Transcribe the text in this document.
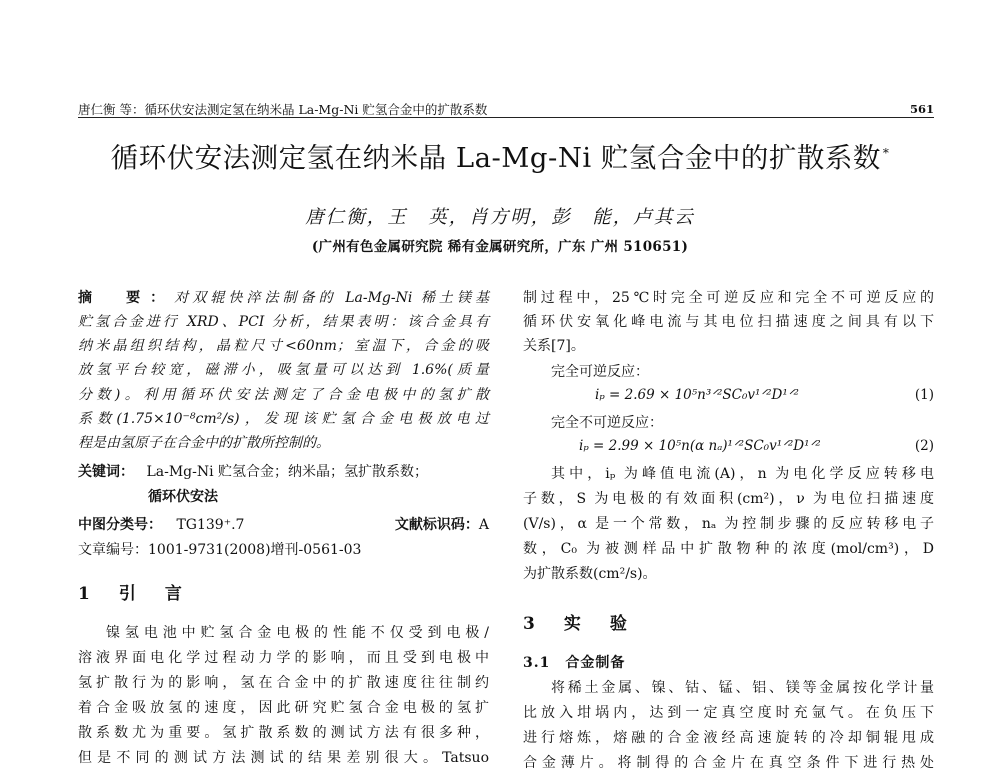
唐仁衡 等：循环伏安法测定氢在纳米晶 La-Mg-Ni 贮氢合金中的扩散系数	561
循环伏安法测定氢在纳米晶 La-Mg-Ni 贮氢合金中的扩散系数 *
唐仁衡，王　英，肖方明，彭　能，卢其云
(广州有色金属研究院 稀有金属研究所，广东 广州 510651)
摘　要：对双辊快淬法制备的 La-Mg-Ni 稀土镁基
贮氢合金进行 XRD、PCI 分析，结果表明：该合金具有
纳米晶组织结构，晶粒尺寸<60nm；室温下，合金的吸
放氢平台较宽，磁滞小，吸氢量可以达到 1.6%(质量
分数)。利用循环伏安法测定了合金电极中的氢扩散
系数(1.75×10⁻⁸cm²/s)，发现该贮氢合金电极放电过
程是由氢原子在合金中的扩散所控制的。
关键词： La-Mg-Ni 贮氢合金；纳米晶；氢扩散系数；
循环伏安法
中图分类号： TG139⁺.7	文献标识码：A
文章编号：1001-9731(2008)增刊-0561-03
1　引　言
镍氢电池中贮氢合金电极的性能不仅受到电极/
溶液界面电化学过程动力学的影响，而且受到电极中
氢扩散行为的影响，氢在合金中的扩散速度往往制约
着合金吸放氢的速度，因此研究贮氢合金电极的氢扩
散系数尤为重要。氢扩散系数的测试方法有很多种，
但是不同的测试方法测试的结果差别很大。Tatsuo
制过程中，25℃时完全可逆反应和完全不可逆反应的
循环伏安氧化峰电流与其电位扫描速度之间具有以下
关系[7]。
完全可逆反应：
iₚ = 2.69 × 10⁵n³ᐟ²SC₀v¹ᐟ²D¹ᐟ²	(1)
完全不可逆反应：
iₚ = 2.99 × 10⁵n(α nₐ)¹ᐟ²SC₀v¹ᐟ²D¹ᐟ²	(2)
其中，iₚ 为峰值电流(A)，n 为电化学反应转移电
子数，S 为电极的有效面积(cm²)，ν 为电位扫描速度
(V/s)，α 是一个常数，nₐ 为控制步骤的反应转移电子
数，C₀ 为被测样品中扩散物种的浓度(mol/cm³)，D
为扩散系数(cm²/s)。
3　实　验
3.1　合金制备
将稀土金属、镍、钴、锰、铝、镁等金属按化学计量
比放入坩埚内，达到一定真空度时充氩气。在负压下
进行熔炼，熔融的合金液经高速旋转的冷却铜辊甩成
合金薄片。将制得的合金片在真空条件下进行热处
